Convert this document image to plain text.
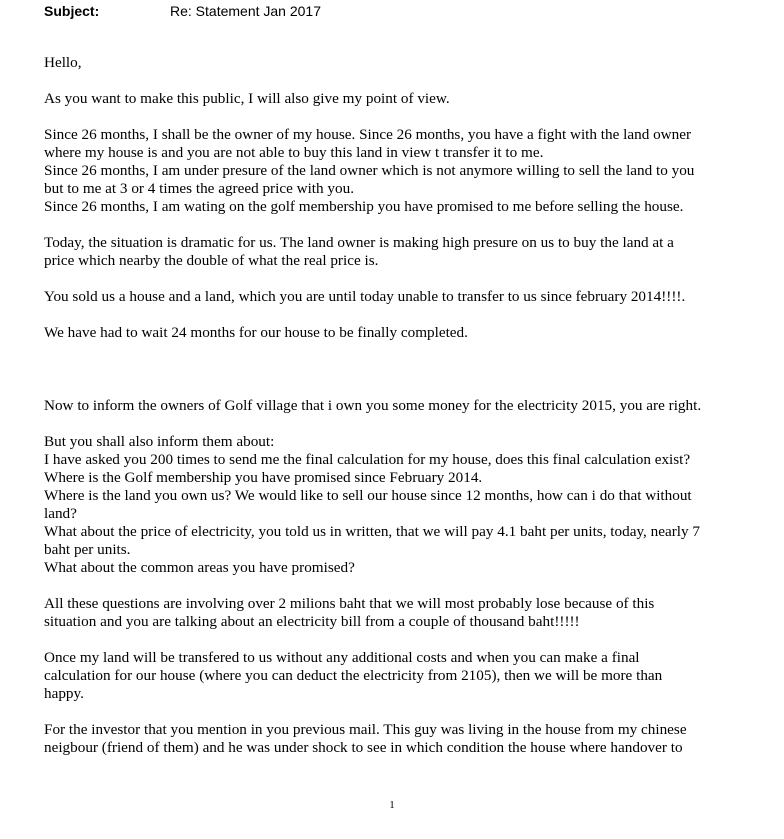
Subject:	Re: Statement Jan 2017

Hello,

As you want to make this public, I will also give my point of view.

Since 26 months, I shall be the owner of my house. Since 26 months, you have a fight with the land owner
where my house is and you are not able to buy this land in view t transfer it to me.
Since 26 months, I am under presure of the land owner which is not anymore willing to sell the land to you
but to me at 3 or 4 times the agreed price with you.
Since 26 months, I am wating on the golf membership you have promised to me before selling the house.

Today, the situation is dramatic for us. The land owner is making high presure on us to buy the land at a
price which nearby the double of what the real price is.

You sold us a house and a land, which you are until today unable to transfer to us since february 2014!!!!.

We have had to wait 24 months for our house to be finally completed.

Now to inform the owners of Golf village that i own you some money for the electricity 2015, you are right.

But you shall also inform them about:
I have asked you 200 times to send me the final calculation for my house, does this final calculation exist?
Where is the Golf membership you have promised since February 2014.
Where is the land you own us? We would like to sell our house since 12 months, how can i do that without
land?
What about the price of electricity, you told us in written, that we will pay 4.1 baht per units, today, nearly 7
baht per units.
What about the common areas you have promised?

All these questions are involving over 2 milions baht that we will most probably lose because of this
situation and you are talking about an electricity bill from a couple of thousand baht!!!!!

Once my land will be transfered to us without any additional costs and when you can make a final
calculation for our house (where you can deduct the electricity from 2105), then we will be more than
happy.

For the investor that you mention in you previous mail. This guy was living in the house from my chinese
neigbour (friend of them) and he was under shock to see in which condition the house where handover to

1
